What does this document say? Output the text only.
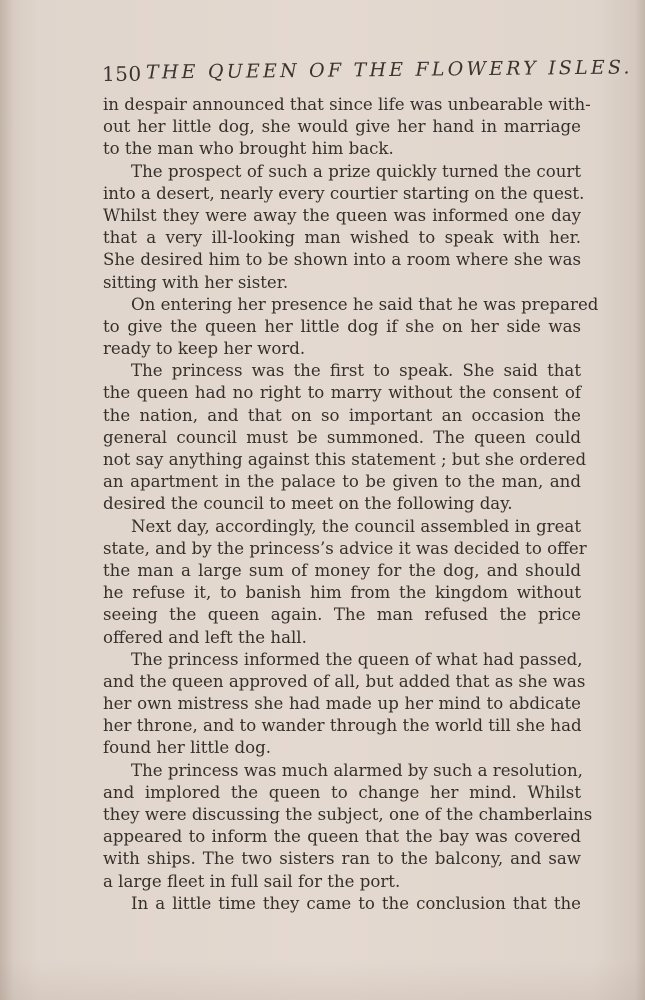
150 THE QUEEN OF THE FLOWERY ISLES.
in despair announced that since life was unbearable with-
out her little dog, she would give her hand in marriage
to the man who brought him back.
The prospect of such a prize quickly turned the court
into a desert, nearly every courtier starting on the quest.
Whilst they were away the queen was informed one day
that a very ill-looking man wished to speak with her.
She desired him to be shown into a room where she was
sitting with her sister.
On entering her presence he said that he was prepared
to give the queen her little dog if she on her side was
ready to keep her word.
The princess was the first to speak. She said that
the queen had no right to marry without the consent of
the nation, and that on so important an occasion the
general council must be summoned. The queen could
not say anything against this statement ; but she ordered
an apartment in the palace to be given to the man, and
desired the council to meet on the following day.
Next day, accordingly, the council assembled in great
state, and by the princess’s advice it was decided to offer
the man a large sum of money for the dog, and should
he refuse it, to banish him from the kingdom without
seeing the queen again. The man refused the price
offered and left the hall.
The princess informed the queen of what had passed,
and the queen approved of all, but added that as she was
her own mistress she had made up her mind to abdicate
her throne, and to wander through the world till she had
found her little dog.
The princess was much alarmed by such a resolution,
and implored the queen to change her mind. Whilst
they were discussing the subject, one of the chamberlains
appeared to inform the queen that the bay was covered
with ships. The two sisters ran to the balcony, and saw
a large fleet in full sail for the port.
In a little time they came to the conclusion that the
